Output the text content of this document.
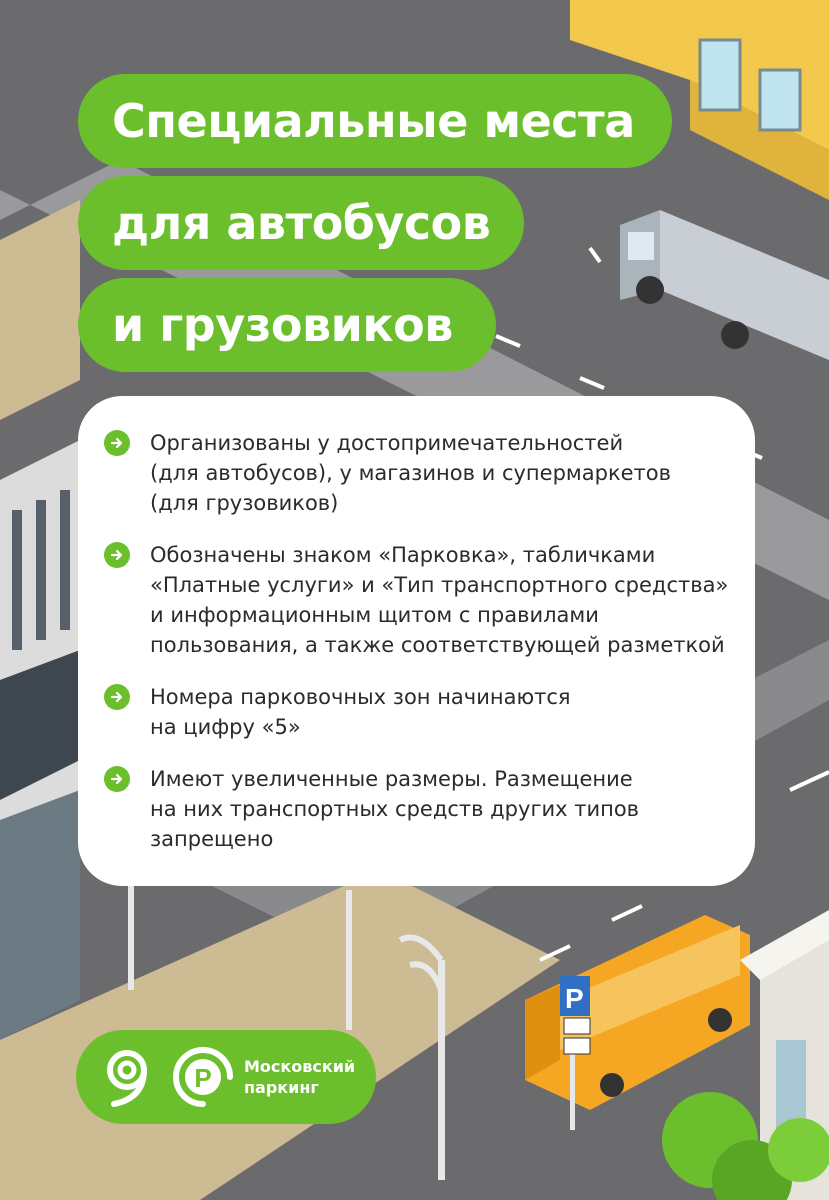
P
Специальные места
для автобусов
и грузовиков
Организованы у достопримечательностей
(для автобусов), у магазинов и супермаркетов
(для грузовиков)
Обозначены знаком «Парковка», табличками
«Платные услуги» и «Тип транспортного средства»
и информационным щитом с правилами
пользования, а также соответствующей разметкой
Номера парковочных зон начинаются
на цифру «5»
Имеют увеличенные размеры. Размещение
на них транспортных средств других типов
запрещено
P Московский
паркинг
